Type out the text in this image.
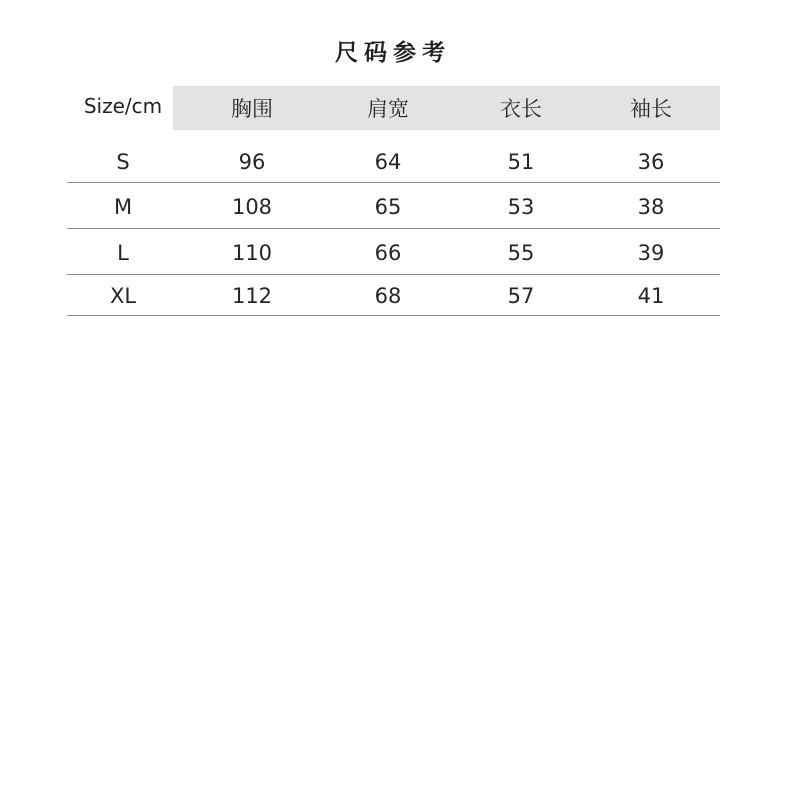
尺码参考
Size/cm	胸围	肩宽	衣长	袖长
S	96	64	51	36
M	108	65	53	38
L	110	66	55	39
XL	112	68	57	41
